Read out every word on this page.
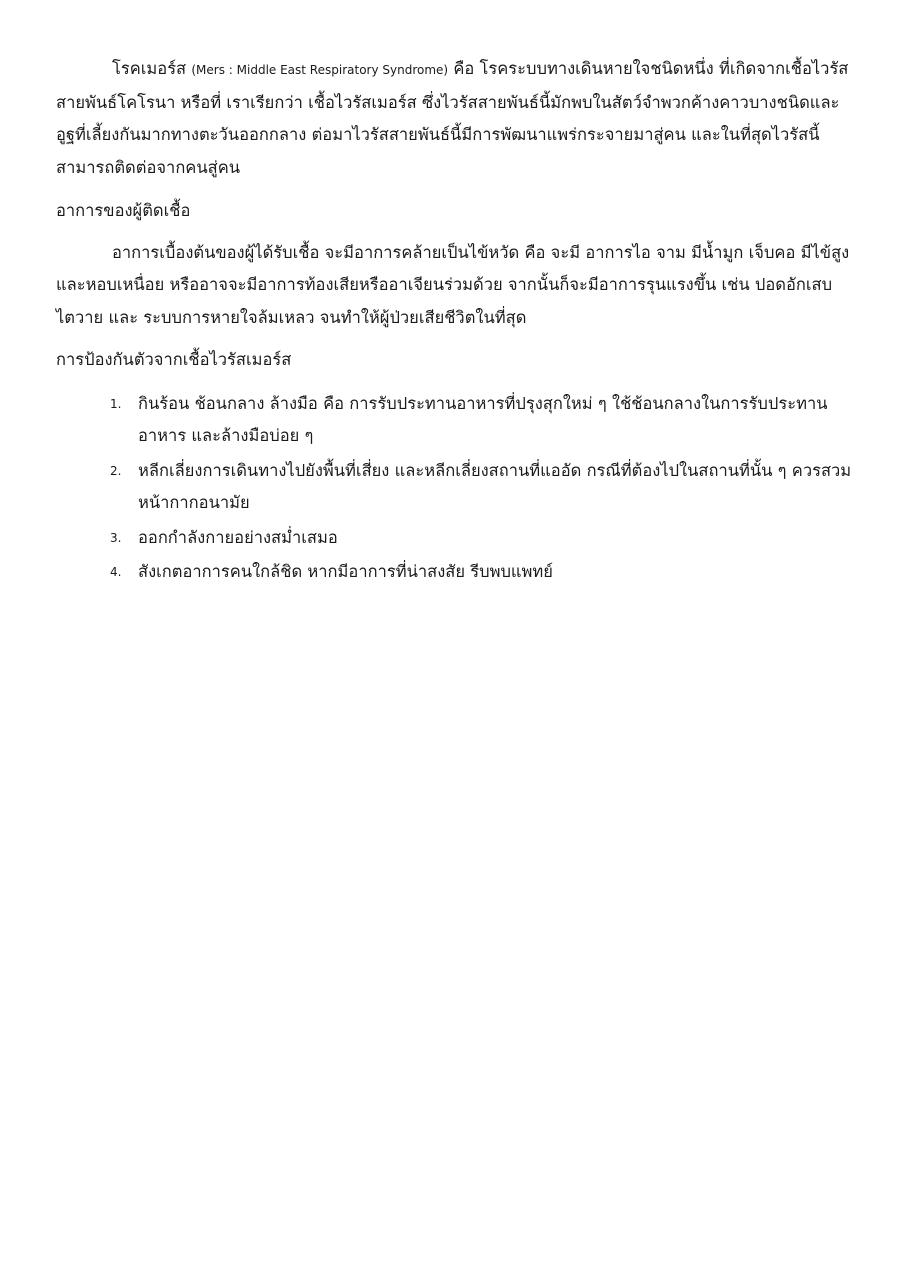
โรคเมอร์ส (Mers : Middle East Respiratory Syndrome) คือ โรคระบบทางเดินหายใจชนิดหนึ่ง ที่เกิดจากเชื้อไวรัส สายพันธ์โคโรนา หรือที่ เราเรียกว่า เชื้อไวรัสเมอร์ส ซึ่งไวรัสสายพันธ์นี้มักพบในสัตว์จำพวกค้างคาวบางชนิดและอูฐที่เลี้ยงกันมากทางตะวันออกกลาง ต่อมาไวรัสสายพันธ์นี้มีการพัฒนาแพร่กระจายมาสู่คน และในที่สุดไวรัสนี้สามารถติดต่อจากคนสู่คน

อาการของผู้ติดเชื้อ

อาการเบื้องต้นของผู้ได้รับเชื้อ จะมีอาการคล้ายเป็นไข้หวัด คือ จะมี อาการไอ จาม มีน้ำมูก เจ็บคอ มีไข้สูงและหอบเหนื่อย หรืออาจจะมีอาการท้องเสียหรืออาเจียนร่วมด้วย จากนั้นก็จะมีอาการรุนแรงขึ้น เช่น ปอดอักเสบ ไตวาย และ ระบบการหายใจล้มเหลว จนทำให้ผู้ป่วยเสียชีวิตในที่สุด

การป้องกันตัวจากเชื้อไวรัสเมอร์ส

1. กินร้อน ช้อนกลาง ล้างมือ คือ การรับประทานอาหารที่ปรุงสุกใหม่ ๆ ใช้ช้อนกลางในการรับประทานอาหาร และล้างมือบ่อย ๆ
2. หลีกเลี่ยงการเดินทางไปยังพื้นที่เสี่ยง และหลีกเลี่ยงสถานที่แออัด กรณีที่ต้องไปในสถานที่นั้น ๆ ควรสวมหน้ากากอนามัย
3. ออกกำลังกายอย่างสม่ำเสมอ
4. สังเกตอาการคนใกล้ชิด หากมีอาการที่น่าสงสัย รีบพบแพทย์
